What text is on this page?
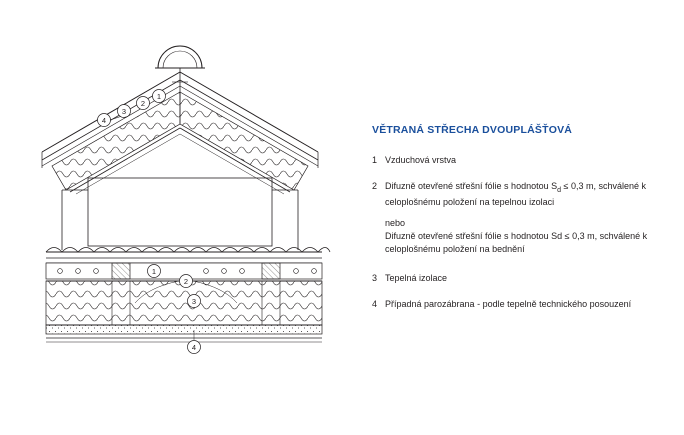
4
3
2
1
1
2
3
4
VĚTRANÁ STŘECHA DVOUPLÁŠŤOVÁ
1 Vzduchová vrstva
2 Difuzně otevřené střešní fólie s hodnotou $S_d \le 0,3$ m, schválené k celoplošnému položení na tepelnou izolaci
nebo
Difuzně otevřené střešní fólie s hodnotou Sd ≤ 0,3 m, schválené k celoplošnému položení na bednění
3 Tepelná izolace
4 Případná parozábrana - podle tepelně technického posouzení
